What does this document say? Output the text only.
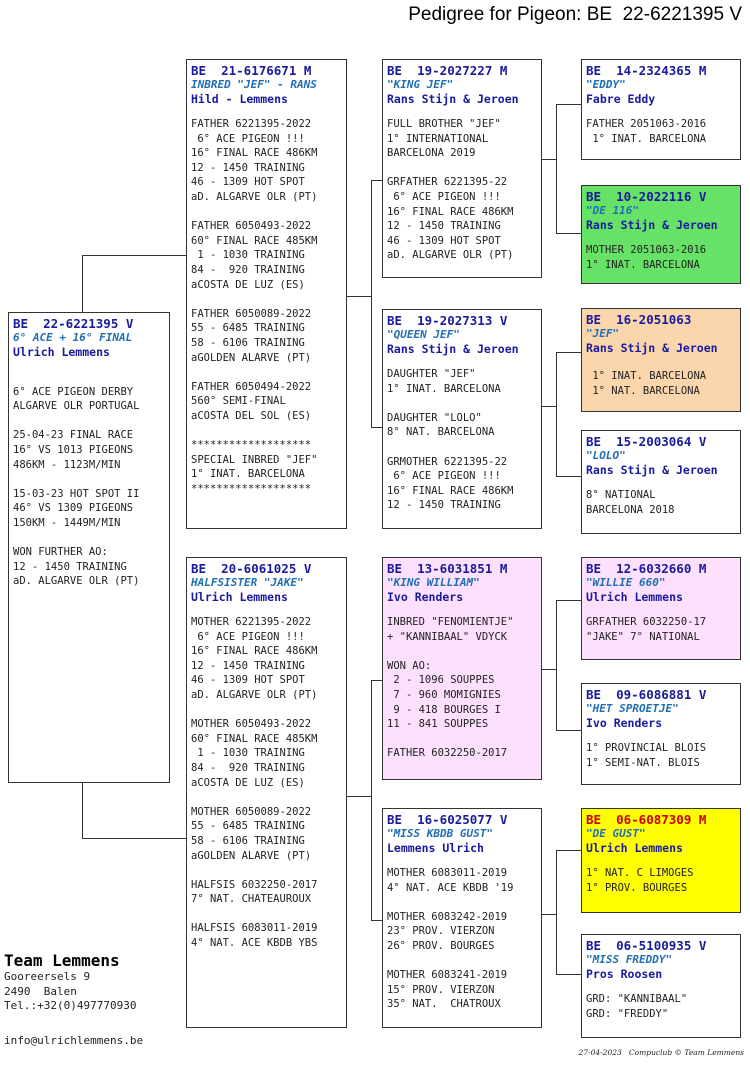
Pedigree for Pigeon: BE  22-6221395 V
BE  22-6221395 V
6° ACE + 16° FINAL
Ulrich Lemmens

6° ACE PIGEON DERBY
ALGARVE OLR PORTUGAL

25-04-23 FINAL RACE
16° VS 1013 PIGEONS
486KM - 1123M/MIN

15-03-23 HOT SPOT II
46° VS 1309 PIGEONS
150KM - 1449M/MIN

WON FURTHER AO:
12 - 1450 TRAINING
aD. ALGARVE OLR (PT)
BE  21-6176671 M
INBRED "JEF" - RANS
Hild - Lemmens
FATHER 6221395-2022
6° ACE PIGEON !!!
16° FINAL RACE 486KM
12 - 1450 TRAINING
46 - 1309 HOT SPOT
aD. ALGARVE OLR (PT)

FATHER 6050493-2022
60° FINAL RACE 485KM
1 - 1030 TRAINING
84 -  920 TRAINING
aCOSTA DE LUZ (ES)

FATHER 6050089-2022
55 - 6485 TRAINING
58 - 6106 TRAINING
aGOLDEN ALARVE (PT)

FATHER 6050494-2022
560° SEMI-FINAL
aCOSTA DEL SOL (ES)

*******************
SPECIAL INBRED "JEF"
1° INAT. BARCELONA
*******************
BE  20-6061025 V
HALFSISTER "JAKE"
Ulrich Lemmens
MOTHER 6221395-2022
6° ACE PIGEON !!!
16° FINAL RACE 486KM
12 - 1450 TRAINING
46 - 1309 HOT SPOT
aD. ALGARVE OLR (PT)

MOTHER 6050493-2022
60° FINAL RACE 485KM
1 - 1030 TRAINING
84 -  920 TRAINING
aCOSTA DE LUZ (ES)

MOTHER 6050089-2022
55 - 6485 TRAINING
58 - 6106 TRAINING
aGOLDEN ALARVE (PT)

HALFSIS 6032250-2017
7° NAT. CHATEAUROUX

HALFSIS 6083011-2019
4° NAT. ACE KBDB YBS
BE  19-2027227 M
"KING JEF"
Rans Stijn & Jeroen
FULL BROTHER "JEF"
1° INTERNATIONAL
BARCELONA 2019

GRFATHER 6221395-22
6° ACE PIGEON !!!
16° FINAL RACE 486KM
12 - 1450 TRAINING
46 - 1309 HOT SPOT
aD. ALGARVE OLR (PT)
BE  19-2027313 V
"QUEEN JEF"
Rans Stijn & Jeroen
DAUGHTER "JEF"
1° INAT. BARCELONA

DAUGHTER "LOLO"
8° NAT. BARCELONA

GRMOTHER 6221395-22
6° ACE PIGEON !!!
16° FINAL RACE 486KM
12 - 1450 TRAINING
BE  13-6031851 M
"KING WILLIAM"
Ivo Renders
INBRED "FENOMIENTJE"
+ "KANNIBAAL" VDYCK

WON AO:
2 - 1096 SOUPPES
7 - 960 MOMIGNIES
9 - 418 BOURGES I
11 - 841 SOUPPES

FATHER 6032250-2017
BE  16-6025077 V
"MISS KBDB GUST"
Lemmens Ulrich
MOTHER 6083011-2019
4° NAT. ACE KBDB '19

MOTHER 6083242-2019
23° PROV. VIERZON
26° PROV. BOURGES

MOTHER 6083241-2019
15° PROV. VIERZON
35° NAT.  CHATROUX
BE  14-2324365 M
"EDDY"
Fabre Eddy
FATHER 2051063-2016
1° INAT. BARCELONA
BE  10-2022116 V
"DE 116"
Rans Stijn & Jeroen
MOTHER 2051063-2016
1° INAT. BARCELONA
BE  16-2051063
"JEF"
Rans Stijn & Jeroen
1° INAT. BARCELONA
1° NAT. BARCELONA
BE  15-2003064 V
"LOLO"
Rans Stijn & Jeroen
8° NATIONAL
BARCELONA 2018
BE  12-6032660 M
"WILLIE 660"
Ulrich Lemmens
GRFATHER 6032250-17
"JAKE" 7° NATIONAL
BE  09-6086881 V
"HET SPROETJE"
Ivo Renders
1° PROVINCIAL BLOIS
1° SEMI-NAT. BLOIS
BE  06-6087309 M
"DE GUST"
Ulrich Lemmens
1° NAT. C LIMOGES
1° PROV. BOURGES
BE  06-5100935 V
"MISS FREDDY"
Pros Roosen
GRD: "KANNIBAAL"
GRD: "FREDDY"
Team Lemmens
Gooreersels 9
2490  Balen
Tel.:+32(0)497770930
info@ulrichlemmens.be
27-04-2023   Compuclub © Team Lemmens
